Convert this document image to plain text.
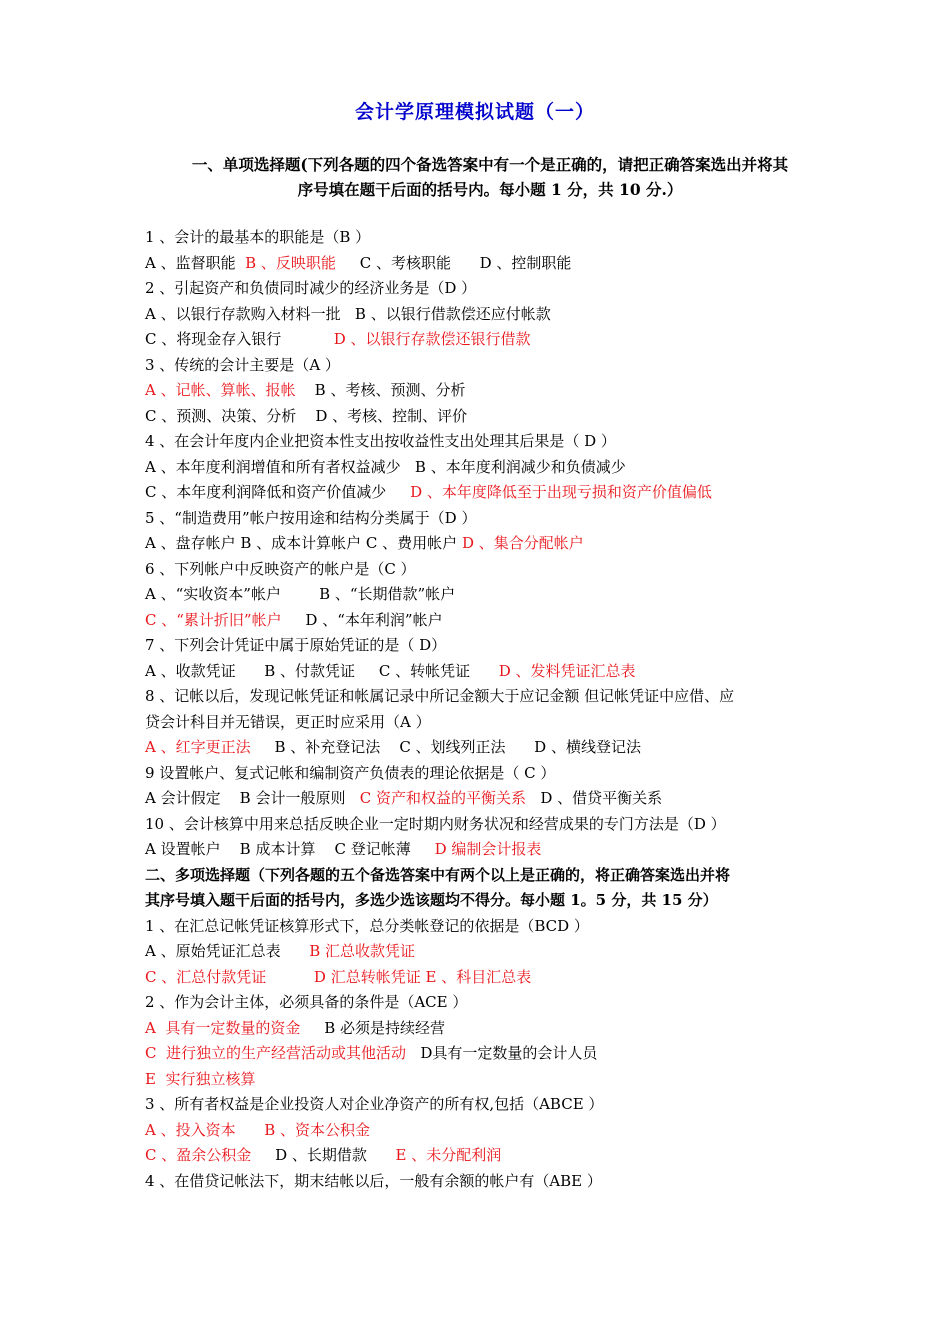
会计学原理模拟试题（一）
一、单项选择题(下列各题的四个备选答案中有一个是正确的，请把正确答案选出并将其
序号填在题干后面的括号内。每小题 1 分，共 10 分.）
1 、会计的最基本的职能是（B ）
A 、监督职能  B 、反映职能     C 、考核职能      D 、控制职能
2 、引起资产和负债同时减少的经济业务是（D ）
A 、以银行存款购入材料一批   B 、以银行借款偿还应付帐款
C 、将现金存入银行           D 、以银行存款偿还银行借款
3 、传统的会计主要是（A ）
A 、记帐、算帐、报帐    B 、考核、预测、分析
C 、预测、决策、分析    D 、考核、控制、评价
4 、在会计年度内企业把资本性支出按收益性支出处理其后果是（ D ）
A 、本年度利润增值和所有者权益减少   B 、本年度利润减少和负债减少
C 、本年度利润降低和资产价值减少     D 、本年度降低至于出现亏损和资产价值偏低
5 、“制造费用”帐户按用途和结构分类属于（D ）
A 、盘存帐户 B 、成本计算帐户 C 、费用帐户 D 、集合分配帐户
6 、下列帐户中反映资产的帐户是（C ）
A 、“实收资本”帐户        B 、“长期借款”帐户
C 、“累计折旧”帐户     D 、“本年利润”帐户
7 、下列会计凭证中属于原始凭证的是（ D）
A 、收款凭证      B 、付款凭证     C 、转帐凭证      D 、发料凭证汇总表
8 、记帐以后，发现记帐凭证和帐属记录中所记金额大于应记金额 但记帐凭证中应借、应
贷会计科目并无错误，更正时应采用（A ）
A 、红字更正法     B 、补充登记法    C 、划线列正法      D 、横线登记法
9 设置帐户、复式记帐和编制资产负债表的理论依据是（ C ）
A 会计假定    B 会计一般原则   C 资产和权益的平衡关系   D 、借贷平衡关系
10 、会计核算中用来总括反映企业一定时期内财务状况和经营成果的专门方法是（D ）
A 设置帐户    B 成本计算    C 登记帐薄     D 编制会计报表
二、多项选择题（下列各题的五个备选答案中有两个以上是正确的，将正确答案选出并将
其序号填入题干后面的括号内，多选少选该题均不得分。每小题 1。5 分，共 15 分）
1 、在汇总记帐凭证核算形式下，总分类帐登记的依据是（BCD ）
A 、原始凭证汇总表      B 汇总收款凭证
C 、汇总付款凭证          D 汇总转帐凭证 E 、科目汇总表
2 、作为会计主体，必须具备的条件是（ACE ）
A  具有一定数量的资金     B 必须是持续经营
C  进行独立的生产经营活动或其他活动   D具有一定数量的会计人员
E  实行独立核算
3 、所有者权益是企业投资人对企业净资产的所有权,包括（ABCE ）
A 、投入资本 B 、资本公积金
C 、盈余公积金     D 、长期借款      E 、未分配利润
4 、在借贷记帐法下，期末结帐以后，一般有余额的帐户有（ABE ）
